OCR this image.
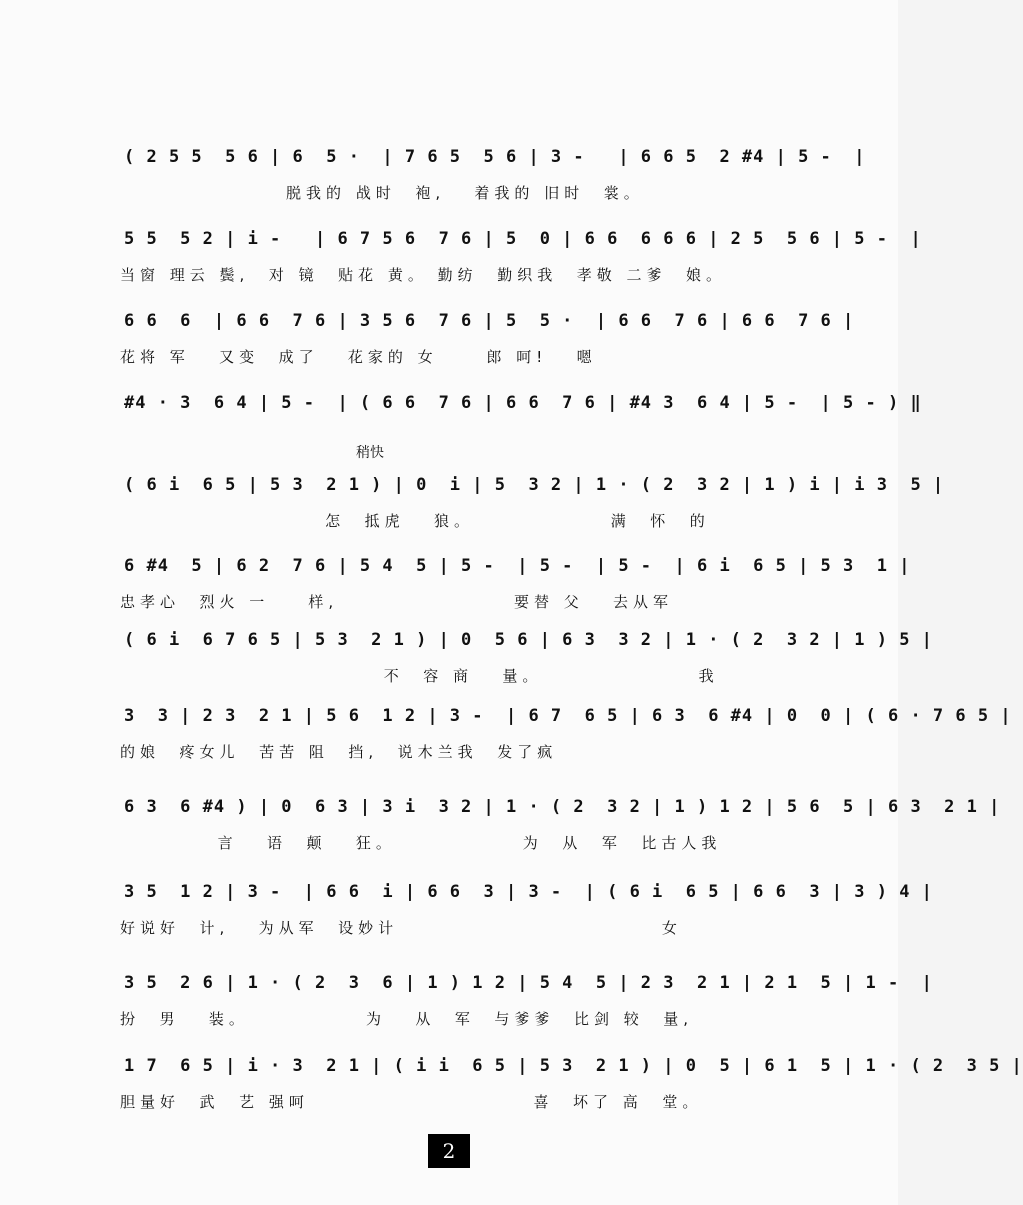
( 2 5 5  5 6 | 6  5 ·  | 7 6 5  5 6 | 3 -   | 6 6 5  2 #4 | 5 -  |
脱我的 战时  袍,   着我的 旧时  裳。
5 5  5 2 | i -   | 6 7 5 6  7 6 | 5  0 | 6 6  6 6 6 | 2 5  5 6 | 5 -  |
当窗 理云 鬓,  对 镜  贴花 黄。 勤纺  勤织我  孝敬 二爹  娘。
6 6  6  | 6 6  7 6 | 3 5 6  7 6 | 5  5 ·  | 6 6  7 6 | 6 6  7 6 |
花将 军   又变  成了   花家的 女     郎 呵!   嗯
#4 · 3  6 4 | 5 -  | ( 6 6  7 6 | 6 6  7 6 | #4 3  6 4 | 5 -  | 5 - ) ‖
稍快
( 6 i  6 5 | 5 3  2 1 ) | 0  i | 5  3 2 | 1 · ( 2  3 2 | 1 ) i | i 3  5 |
怎  抵虎   狼。              满  怀  的
6 #4  5 | 6 2  7 6 | 5 4  5 | 5 -  | 5 -  | 5 -  | 6 i  6 5 | 5 3  1 |
忠孝心  烈火 一    样,                  要替 父   去从军
( 6 i  6 7 6 5 | 5 3  2 1 ) | 0  5 6 | 6 3  3 2 | 1 · ( 2  3 2 | 1 ) 5 |
不  容 商   量。                我
3  3 | 2 3  2 1 | 5 6  1 2 | 3 -  | 6 7  6 5 | 6 3  6 #4 | 0  0 | ( 6 · 7 6 5 |
的娘  疼女儿  苦苦 阻  挡,  说木兰我  发了疯
6 3  6 #4 ) | 0  6 3 | 3 i  3 2 | 1 · ( 2  3 2 | 1 ) 1 2 | 5 6  5 | 6 3  2 1 |
言   语  颠   狂。             为  从  军  比古人我
3 5  1 2 | 3 -  | 6 6  i | 6 6  3 | 3 -  | ( 6 i  6 5 | 6 6  3 | 3 ) 4 |
好说好  计,   为从军  设妙计                           女
3 5  2 6 | 1 · ( 2  3  6 | 1 ) 1 2 | 5 4  5 | 2 3  2 1 | 2 1  5 | 1 -  |
扮  男   装。            为   从  军  与爹爹  比剑 较  量,
1 7  6 5 | i · 3  2 1 | ( i i  6 5 | 5 3  2 1 ) | 0  5 | 6 1  5 | 1 · ( 2  3 5 |
胆量好  武  艺 强呵                       喜  坏了 高  堂。
2
